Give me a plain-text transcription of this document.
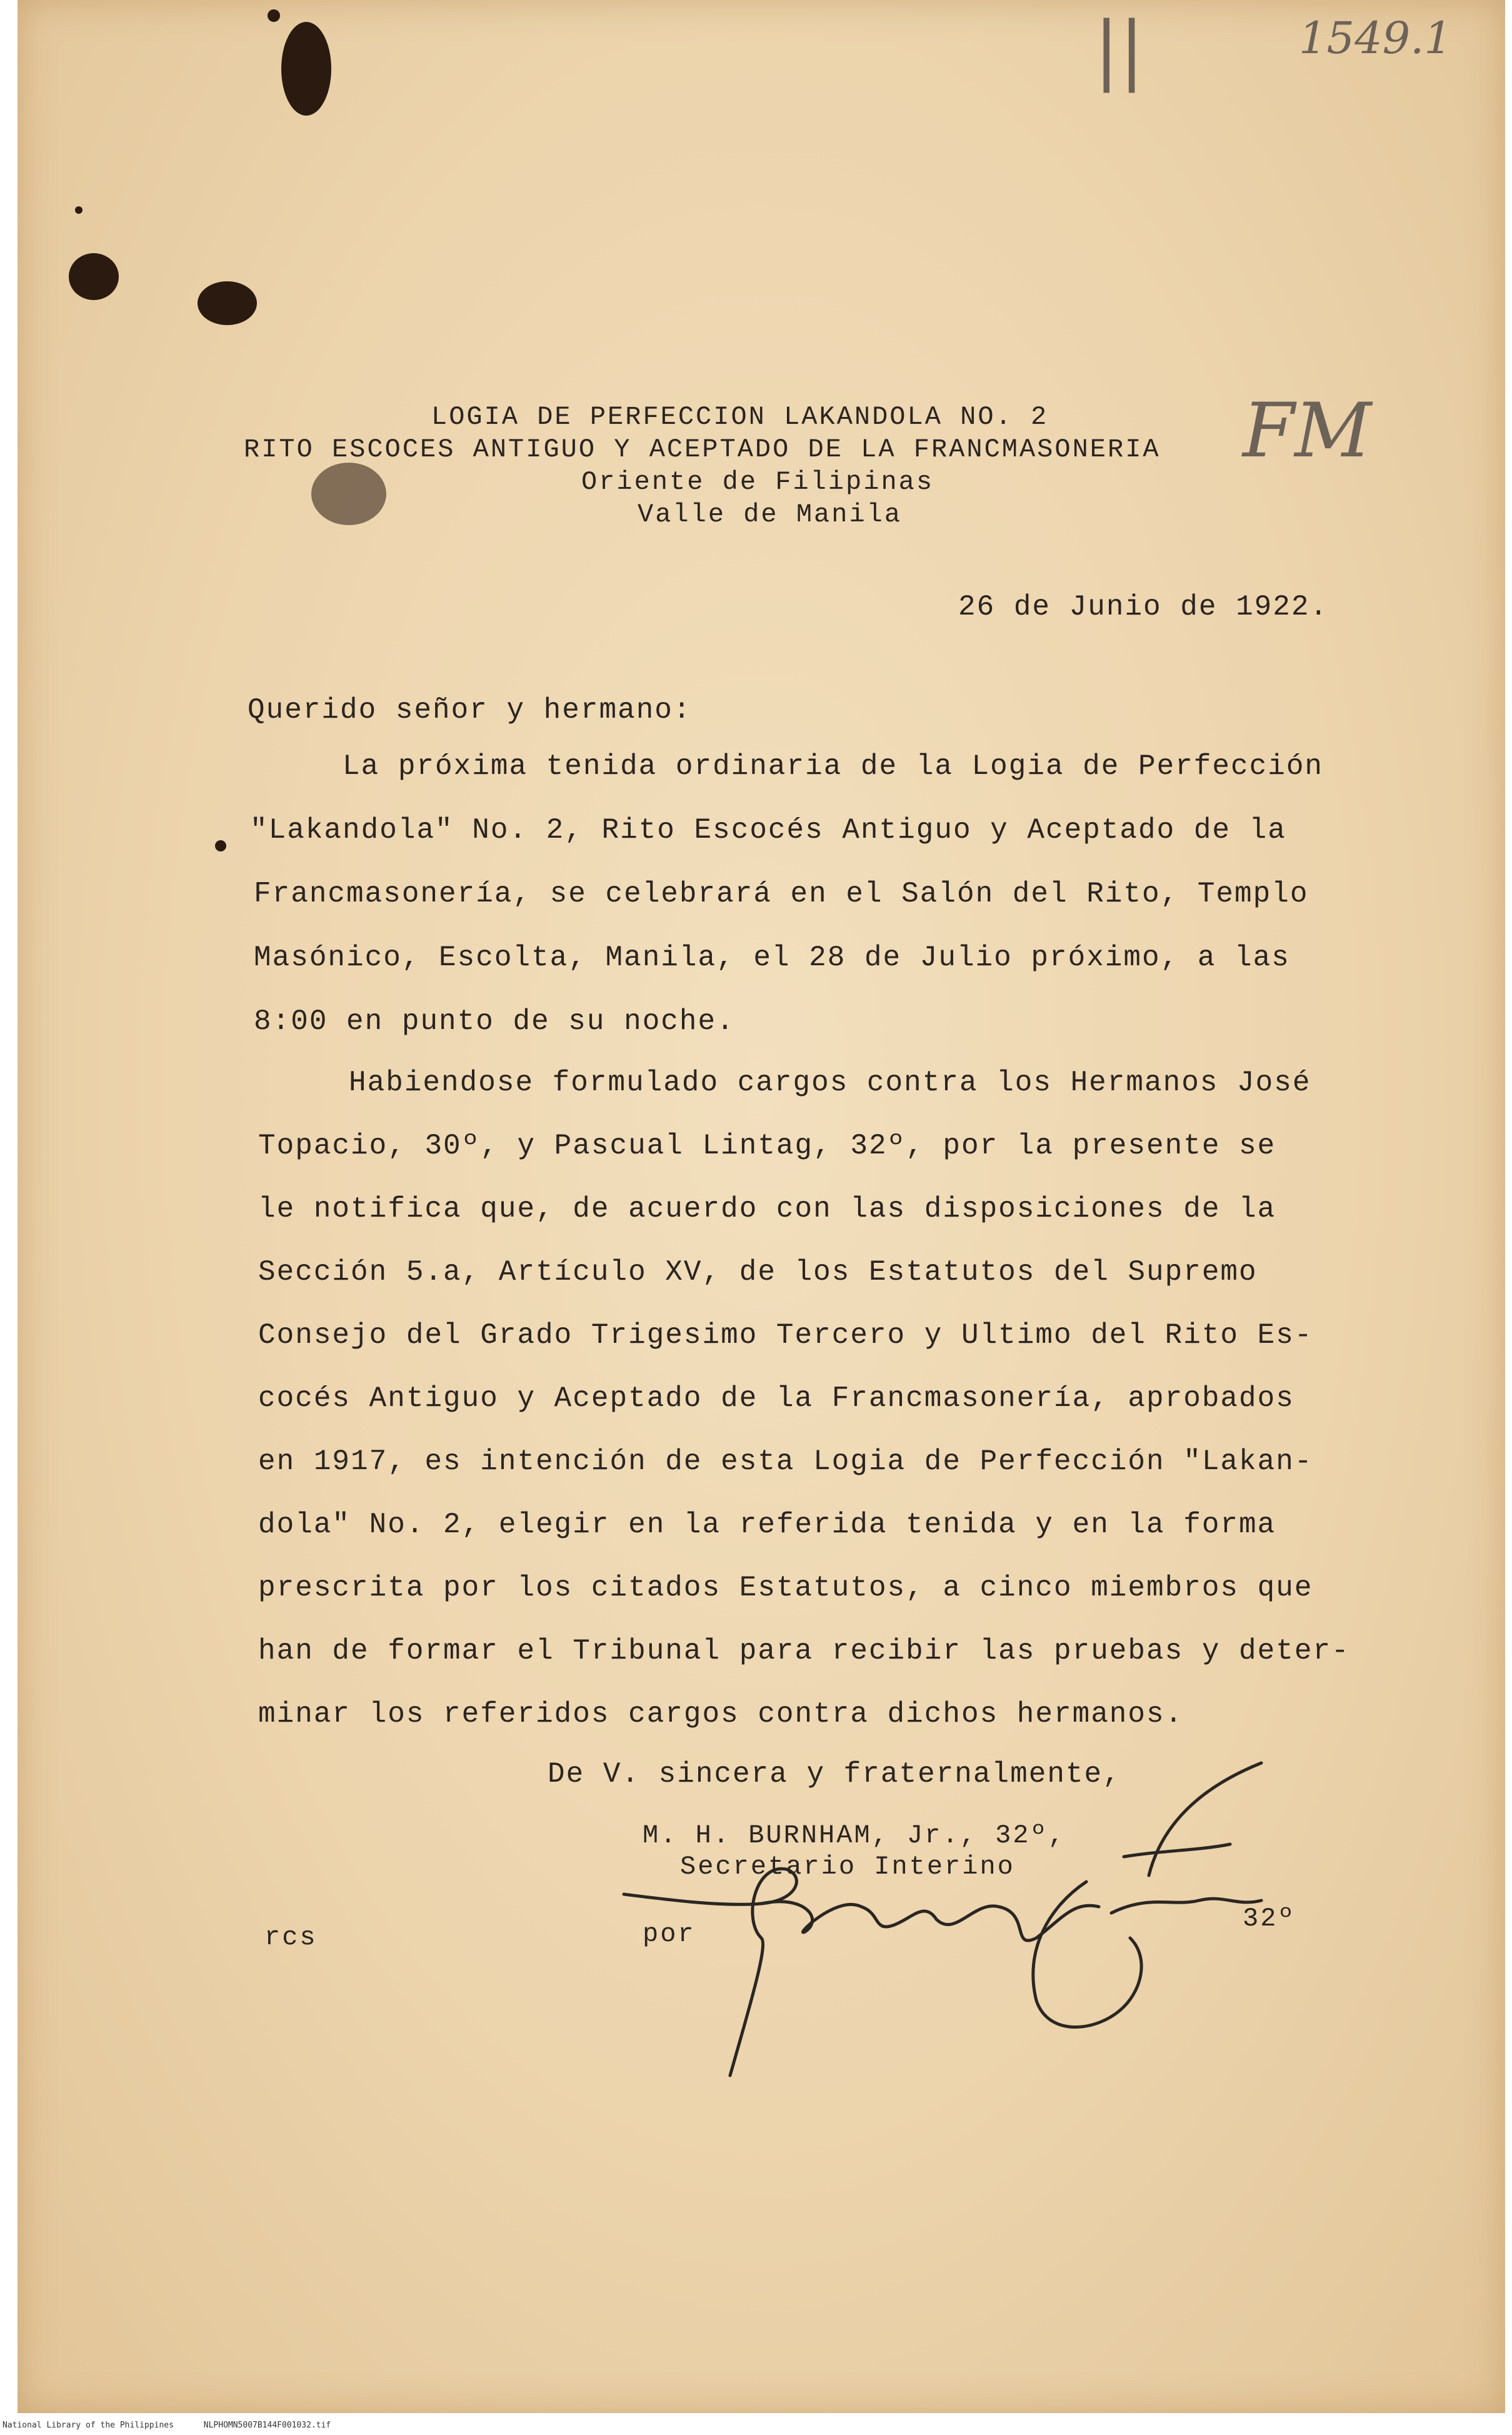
||	1549.1
FM
LOGIA DE PERFECCION LAKANDOLA NO. 2
RITO ESCOCES ANTIGUO Y ACEPTADO DE LA FRANCMASONERIA
Oriente de Filipinas
Valle de Manila
26 de Junio de 1922.
Querido señor y hermano:
La próxima tenida ordinaria de la Logia de Perfección
"Lakandola" No. 2, Rito Escocés Antiguo y Aceptado de la
Francmasonería, se celebrará en el Salón del Rito, Templo
Masónico, Escolta, Manila, el 28 de Julio próximo, a las
8:00 en punto de su noche.
Habiendose formulado cargos contra los Hermanos José
Topacio, 30º, y Pascual Lintag, 32º, por la presente se
le notifica que, de acuerdo con las disposiciones de la
Sección 5.a, Artículo XV, de los Estatutos del Supremo
Consejo del Grado Trigesimo Tercero y Ultimo del Rito Es-
cocés Antiguo y Aceptado de la Francmasonería, aprobados
en 1917, es intención de esta Logia de Perfección "Lakan-
dola" No. 2, elegir en la referida tenida y en la forma
prescrita por los citados Estatutos, a cinco miembros que
han de formar el Tribunal para recibir las pruebas y deter-
minar los referidos cargos contra dichos hermanos.
De V. sincera y fraternalmente,
M. H. BURNHAM, Jr., 32º,
Secretario Interino
por
32º
rcs
National Library of the Philippines	NLPHOMN5007B144F001032.tif
